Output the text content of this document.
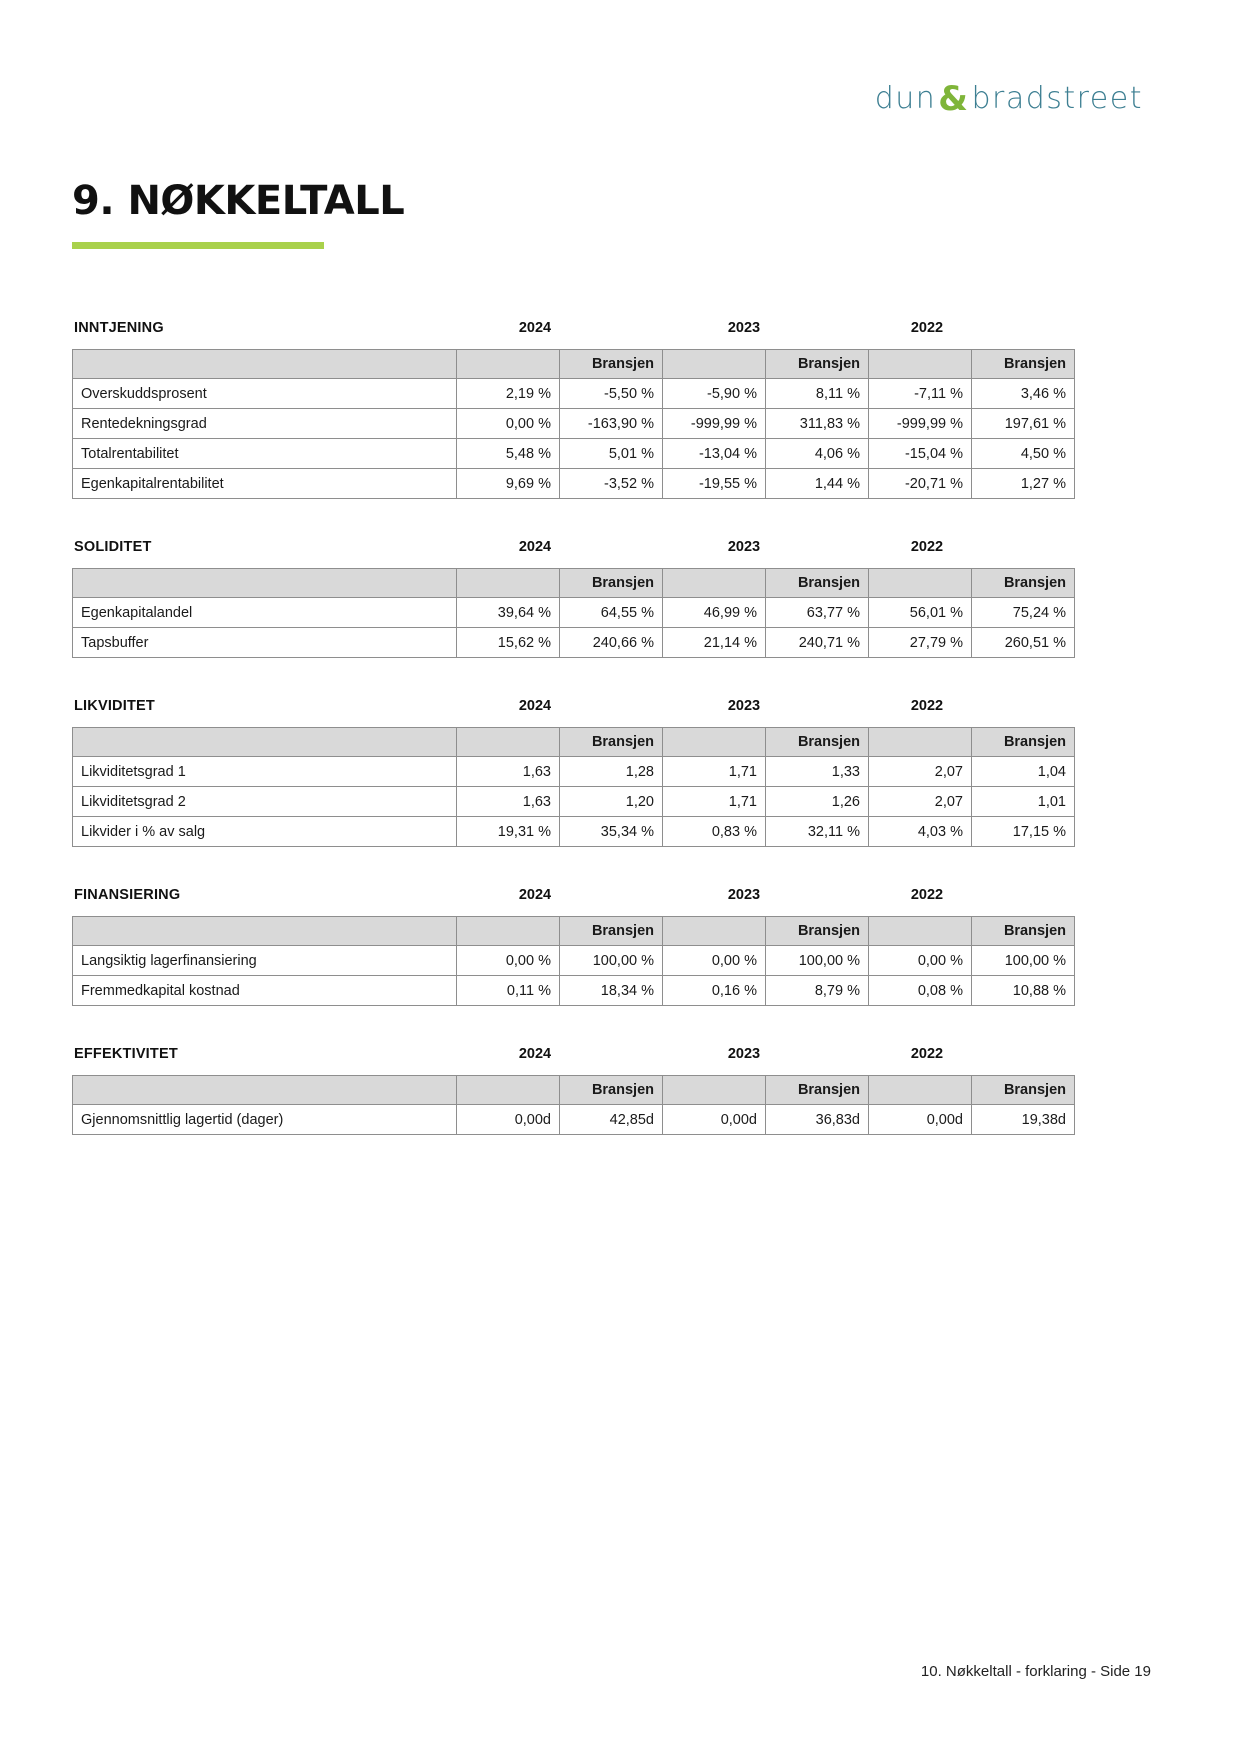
dun & bradstreet
9. NØKKELTALL
INNTJENING	2024	2023	2022
		Bransjen		Bransjen		Bransjen
Overskuddsprosent	2,19 %	-5,50 %	-5,90 %	8,11 %	-7,11 %	3,46 %
Rentedekningsgrad	0,00 %	-163,90 %	-999,99 %	311,83 %	-999,99 %	197,61 %
Totalrentabilitet	5,48 %	5,01 %	-13,04 %	4,06 %	-15,04 %	4,50 %
Egenkapitalrentabilitet	9,69 %	-3,52 %	-19,55 %	1,44 %	-20,71 %	1,27 %
SOLIDITET	2024	2023	2022
		Bransjen		Bransjen		Bransjen
Egenkapitalandel	39,64 %	64,55 %	46,99 %	63,77 %	56,01 %	75,24 %
Tapsbuffer	15,62 %	240,66 %	21,14 %	240,71 %	27,79 %	260,51 %
LIKVIDITET	2024	2023	2022
		Bransjen		Bransjen		Bransjen
Likviditetsgrad 1	1,63	1,28	1,71	1,33	2,07	1,04
Likviditetsgrad 2	1,63	1,20	1,71	1,26	2,07	1,01
Likvider i % av salg	19,31 %	35,34 %	0,83 %	32,11 %	4,03 %	17,15 %
FINANSIERING	2024	2023	2022
		Bransjen		Bransjen		Bransjen
Langsiktig lagerfinansiering	0,00 %	100,00 %	0,00 %	100,00 %	0,00 %	100,00 %
Fremmedkapital kostnad	0,11 %	18,34 %	0,16 %	8,79 %	0,08 %	10,88 %
EFFEKTIVITET	2024	2023	2022
		Bransjen		Bransjen		Bransjen
Gjennomsnittlig lagertid (dager)	0,00d	42,85d	0,00d	36,83d	0,00d	19,38d
10. Nøkkeltall - forklaring - Side 19
